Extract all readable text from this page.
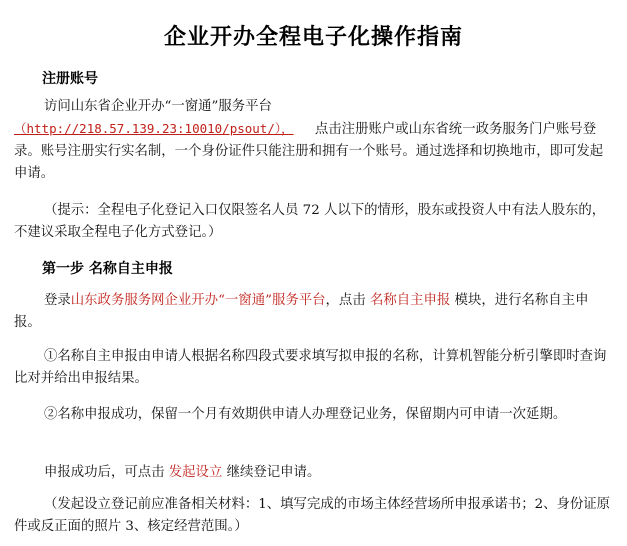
企业开办全程电子化操作指南
注册账号
访问山东省企业开办“一窗通”服务平台
（http://218.57.139.23:10010/psout/）， 点击注册账户或山东省统一政务服务门户账号登录。账号注册实行实名制，一个身份证件只能注册和拥有一个账号。通过选择和切换地市，即可发起申请。
（提示：全程电子化登记入口仅限签名人员 72 人以下的情形，股东或投资人中有法人股东的，不建议采取全程电子化方式登记。）
第一步 名称自主申报
登录山东政务服务网企业开办“一窗通”服务平台，点击 名称自主申报 模块，进行名称自主申报。
①名称自主申报由申请人根据名称四段式要求填写拟申报的名称，计算机智能分析引擎即时查询比对并给出申报结果。
②名称申报成功，保留一个月有效期供申请人办理登记业务，保留期内可申请一次延期。
申报成功后，可点击 发起设立 继续登记申请。
（发起设立登记前应准备相关材料：1、填写完成的市场主体经营场所申报承诺书；2、身份证原件或反正面的照片 3、核定经营范围。）
